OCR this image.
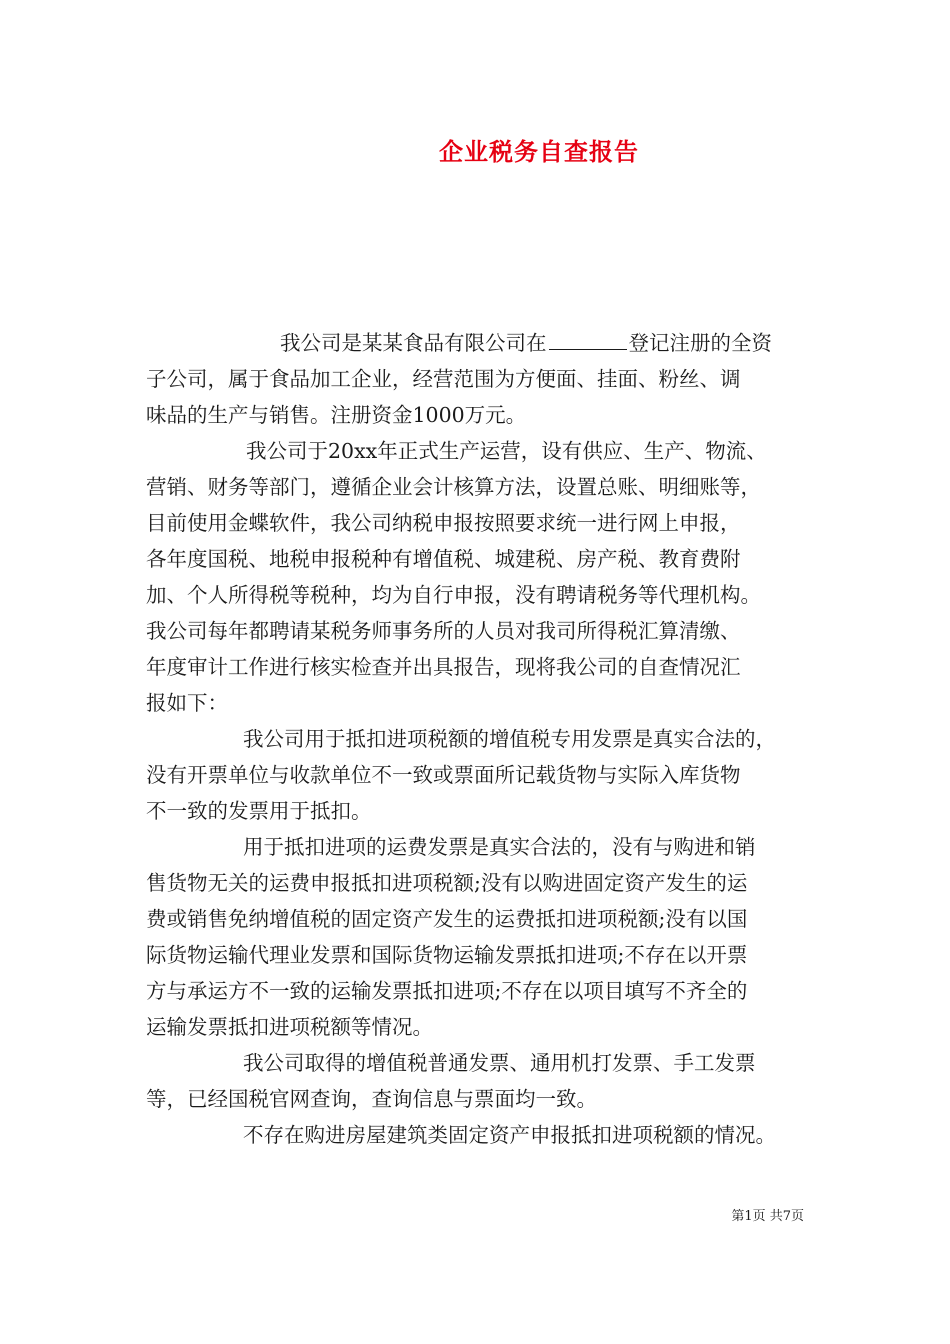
企业税务自查报告
我公司是某某食品有限公司在	登记注册的全资
子公司，属于食品加工企业，经营范围为方便面、挂面、粉丝、调
味品的生产与销售。注册资金1000万元。
我公司于20xx年正式生产运营，设有供应、生产、物流、
营销、财务等部门，遵循企业会计核算方法，设置总账、明细账等，
目前使用金蝶软件，我公司纳税申报按照要求统一进行网上申报，
各年度国税、地税申报税种有增值税、城建税、房产税、教育费附
加、个人所得税等税种，均为自行申报，没有聘请税务等代理机构。
我公司每年都聘请某税务师事务所的人员对我司所得税汇算清缴、
年度审计工作进行核实检查并出具报告，现将我公司的自查情况汇
报如下：
我公司用于抵扣进项税额的增值税专用发票是真实合法的，
没有开票单位与收款单位不一致或票面所记载货物与实际入库货物
不一致的发票用于抵扣。
用于抵扣进项的运费发票是真实合法的，没有与购进和销
售货物无关的运费申报抵扣进项税额;没有以购进固定资产发生的运
费或销售免纳增值税的固定资产发生的运费抵扣进项税额;没有以国
际货物运输代理业发票和国际货物运输发票抵扣进项;不存在以开票
方与承运方不一致的运输发票抵扣进项;不存在以项目填写不齐全的
运输发票抵扣进项税额等情况。
我公司取得的增值税普通发票、通用机打发票、手工发票
等，已经国税官网查询，查询信息与票面均一致。
不存在购进房屋建筑类固定资产申报抵扣进项税额的情况。
第1页 共7页
